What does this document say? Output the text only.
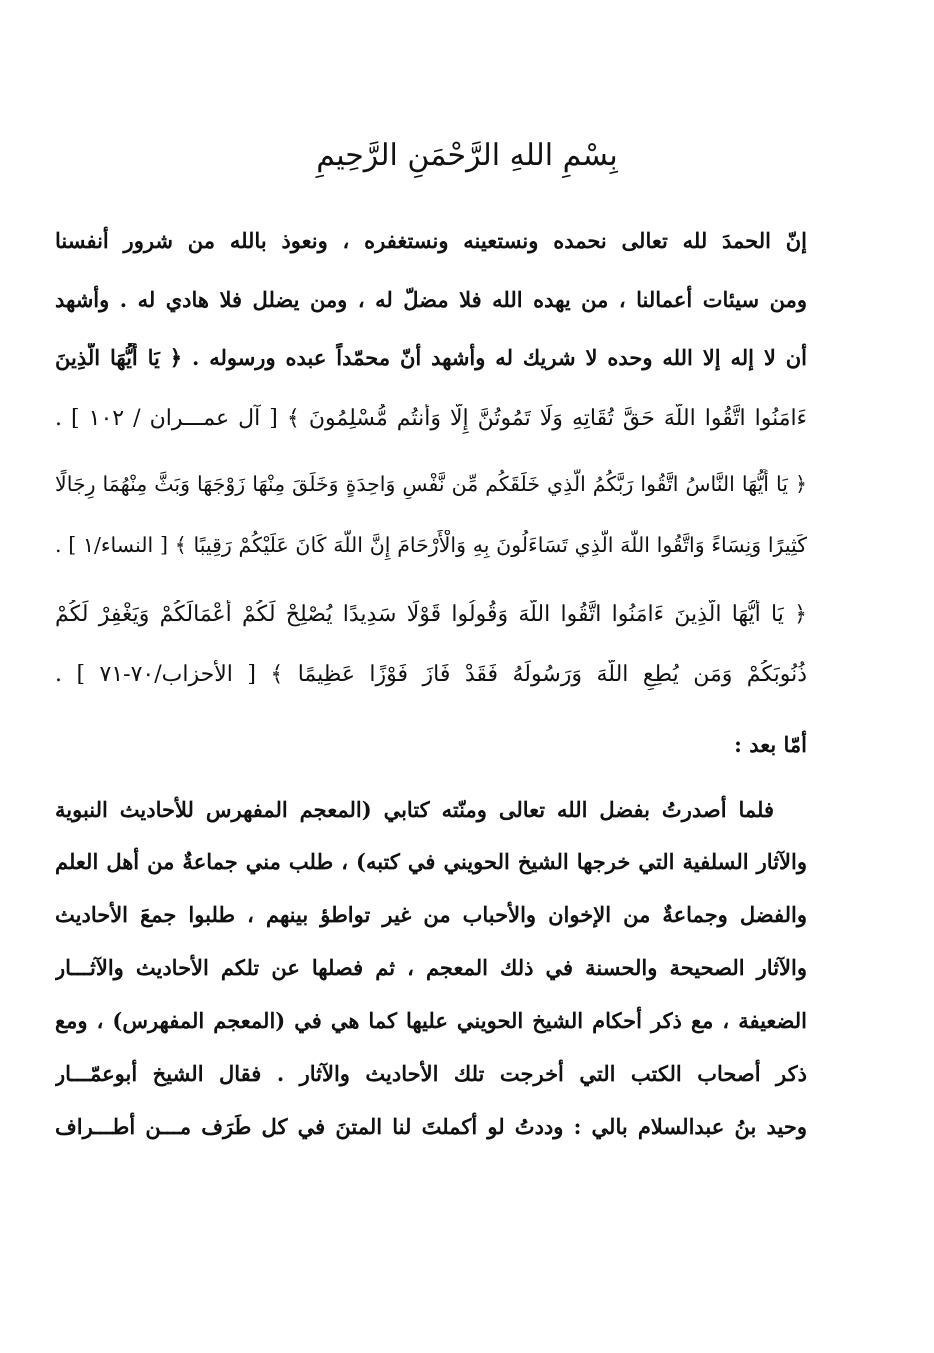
بِسْمِ اللهِ الرَّحْمَنِ الرَّحِيمِ
إنّ الحمدَ لله تعالى نحمده ونستعينه ونستغفره ، ونعوذ بالله من شرور أنفسنا
ومن سيئات أعمالنا ، من يهده الله فلا مضلّ له ، ومن يضلل فلا هادي له . وأشهد
أن لا إله إلا الله وحده لا شريك له وأشهد أنّ محمّداً عبده ورسوله . ﴿ يَا أَيُّهَا الَّذِينَ
ءَامَنُوا اتَّقُوا اللَّهَ حَقَّ تُقَاتِهِ وَلَا تَمُوتُنَّ إِلَّا وَأَنتُم مُّسْلِمُونَ ﴾ [ آل عمـــران / ١٠٢ ] .
﴿ يَا أَيُّهَا النَّاسُ اتَّقُوا رَبَّكُمُ الَّذِي خَلَقَكُم مِّن نَّفْسٍ وَاحِدَةٍ وَخَلَقَ مِنْهَا زَوْجَهَا وَبَثَّ مِنْهُمَا رِجَالًا
كَثِيرًا وَنِسَاءً وَاتَّقُوا اللَّهَ الَّذِي تَسَاءَلُونَ بِهِ وَالْأَرْحَامَ إِنَّ اللَّهَ كَانَ عَلَيْكُمْ رَقِيبًا ﴾ [ النساء/١ ] .
﴿ يَا أَيُّهَا الَّذِينَ ءَامَنُوا اتَّقُوا اللَّهَ وَقُولُوا قَوْلًا سَدِيدًا يُصْلِحْ لَكُمْ أَعْمَالَكُمْ وَيَغْفِرْ لَكُمْ
ذُنُوبَكُمْ وَمَن يُطِعِ اللَّهَ وَرَسُولَهُ فَقَدْ فَازَ فَوْزًا عَظِيمًا ﴾ [ الأحزاب/٧٠-٧١ ] .
أمّا بعد :
فلما أصدرتُ بفضل الله تعالى ومنّته كتابي (المعجم المفهرس للأحاديث النبوية
والآثار السلفية التي خرجها الشيخ الحويني في كتبه) ، طلب مني جماعةٌ من أهل العلم
والفضل وجماعةٌ من الإخوان والأحباب من غير تواطؤ بينهم ، طلبوا جمعَ الأحاديث
والآثار الصحيحة والحسنة في ذلك المعجم ، ثم فصلها عن تلكم الأحاديث والآثـــار
الضعيفة ، مع ذكر أحكام الشيخ الحويني عليها كما هي في (المعجم المفهرس) ، ومع
ذكر أصحاب الكتب التي أخرجت تلك الأحاديث والآثار . فقال الشيخ أبوعمّـــار
وحيد بنُ عبدالسلام بالي : وددتُ لو أكملتَ لنا المتنَ في كل طَرَف مـــن أطـــراف
